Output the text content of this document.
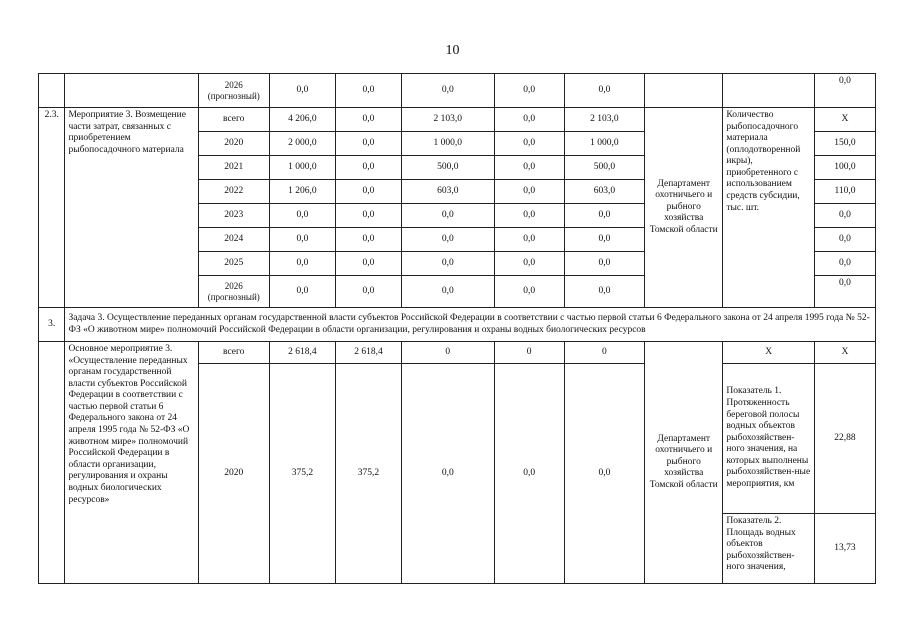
10
		2026 (прогнозный)	0,0	0,0	0,0	0,0	0,0			0,0
2.3.	Мероприятие 3. Возмещение части затрат, связанных с приобретением рыбопосадочного материала	всего	4 206,0	0,0	2 103,0	0,0	2 103,0	Департамент охотничьего и рыбного хозяйства Томской области	Количество рыбопосадочного материала (оплодотворенной икры), приобретенного с использованием средств субсидии, тыс. шт.	Х
		2020	2 000,0	0,0	1 000,0	0,0	1 000,0			150,0
		2021	1 000,0	0,0	500,0	0,0	500,0			100,0
		2022	1 206,0	0,0	603,0	0,0	603,0			110,0
		2023	0,0	0,0	0,0	0,0	0,0			0,0
		2024	0,0	0,0	0,0	0,0	0,0			0,0
		2025	0,0	0,0	0,0	0,0	0,0			0,0
		2026 (прогнозный)	0,0	0,0	0,0	0,0	0,0			0,0
3.	Задача 3. Осуществление переданных органам государственной власти субъектов Российской Федерации в соответствии с частью первой статьи 6 Федерального закона от 24 апреля 1995 года № 52-ФЗ «О животном мире» полномочий Российской Федерации в области организации, регулирования и охраны водных биологических ресурсов									
	Основное мероприятие 3. «Осуществление переданных органам государственной власти субъектов Российской Федерации в соответствии с частью первой статьи 6 Федерального закона от 24 апреля 1995 года № 52-ФЗ «О животном мире» полномочий Российской Федерации в области организации, регулирования и охраны водных биологических ресурсов»	всего	2 618,4	2 618,4	0	0	0	Департамент охотничьего и рыбного хозяйства Томской области	Х	Х
		2020	375,2	375,2	0,0	0,0	0,0		Показатель 1. Протяженность береговой полосы водных объектов рыбохозяйствен-ного значения, на которых выполнены рыбохозяйствен-ные мероприятия, км	22,88
									Показатель 2. Площадь водных объектов рыбохозяйствен-ного значения,	13,73
